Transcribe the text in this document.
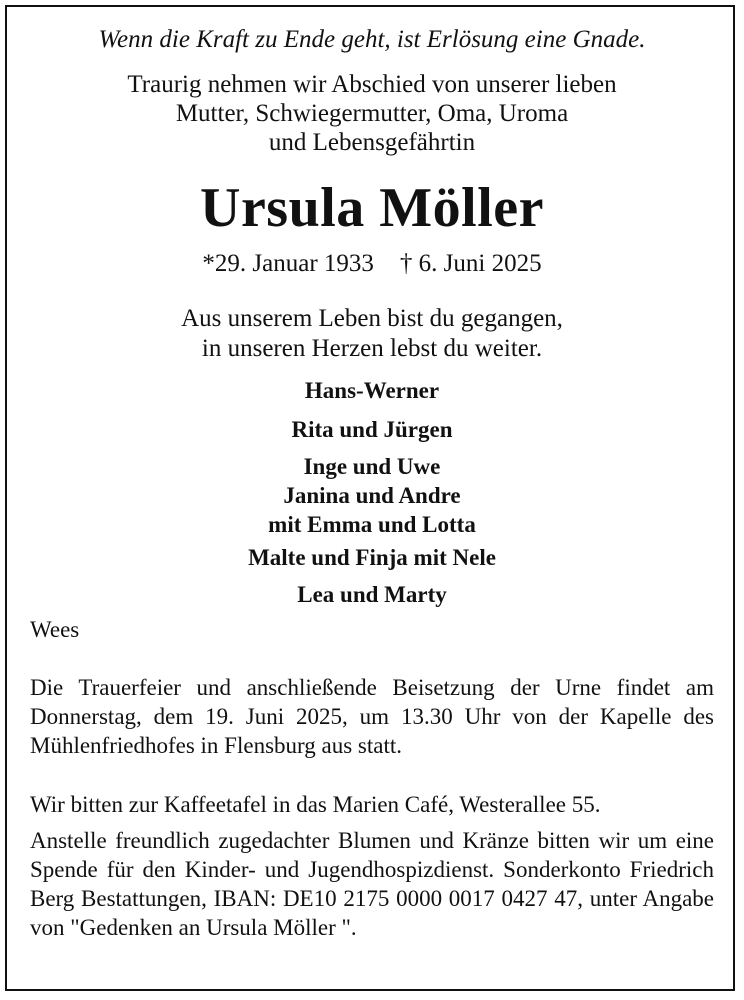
Wenn die Kraft zu Ende geht, ist Erlösung eine Gnade.
Traurig nehmen wir Abschied von unserer lieben
Mutter, Schwiegermutter, Oma, Uroma
und Lebensgefährtin
Ursula Möller
*29. Januar 1933 † 6. Juni 2025
Aus unserem Leben bist du gegangen,
in unseren Herzen lebst du weiter.
Hans-Werner
Rita und Jürgen
Inge und Uwe
Janina und Andre
mit Emma und Lotta
Malte und Finja mit Nele
Lea und Marty
Wees
Die Trauerfeier und anschließende Beisetzung der Urne findet am Donnerstag, dem 19. Juni 2025, um 13.30 Uhr von der Kapelle des Mühlenfriedhofes in Flensburg aus statt.
Wir bitten zur Kaffeetafel in das Marien Café, Westerallee 55.
Anstelle freundlich zugedachter Blumen und Kränze bitten wir um eine Spende für den Kinder- und Jugendhospizdienst. Sonderkonto Friedrich Berg Bestattungen, IBAN: DE10 2175 0000 0017 0427 47, unter Angabe von "Gedenken an Ursula Möller ".
